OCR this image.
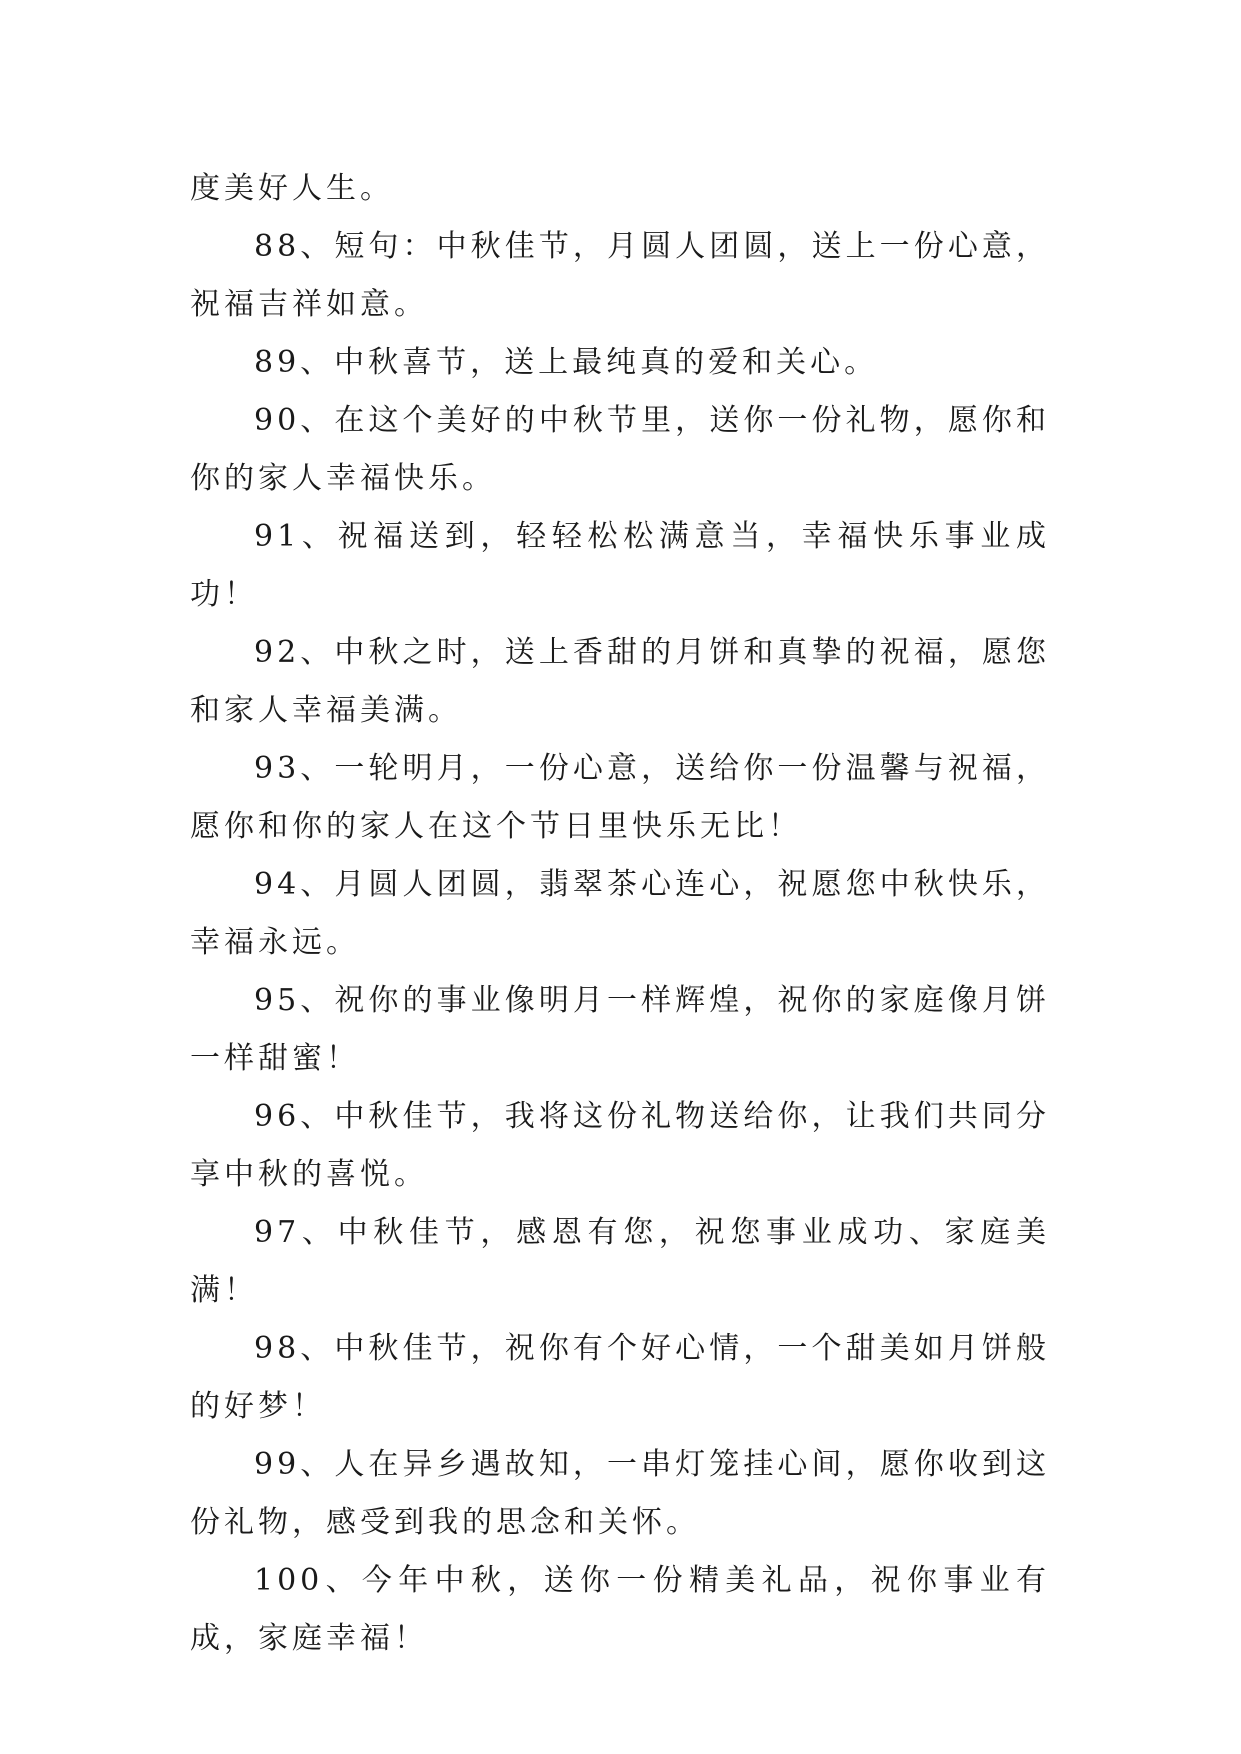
度美好人生。

88、短句：中秋佳节，月圆人团圆，送上一份心意，祝福吉祥如意。

89、中秋喜节，送上最纯真的爱和关心。

90、在这个美好的中秋节里，送你一份礼物，愿你和你的家人幸福快乐。

91、祝福送到，轻轻松松满意当，幸福快乐事业成功！

92、中秋之时，送上香甜的月饼和真挚的祝福，愿您和家人幸福美满。

93、一轮明月，一份心意，送给你一份温馨与祝福，愿你和你的家人在这个节日里快乐无比！

94、月圆人团圆，翡翠茶心连心，祝愿您中秋快乐，幸福永远。

95、祝你的事业像明月一样辉煌，祝你的家庭像月饼一样甜蜜！

96、中秋佳节，我将这份礼物送给你，让我们共同分享中秋的喜悦。

97、中秋佳节，感恩有您，祝您事业成功、家庭美满！

98、中秋佳节，祝你有个好心情，一个甜美如月饼般的好梦！

99、人在异乡遇故知，一串灯笼挂心间，愿你收到这份礼物，感受到我的思念和关怀。

100、今年中秋，送你一份精美礼品，祝你事业有成，家庭幸福！
